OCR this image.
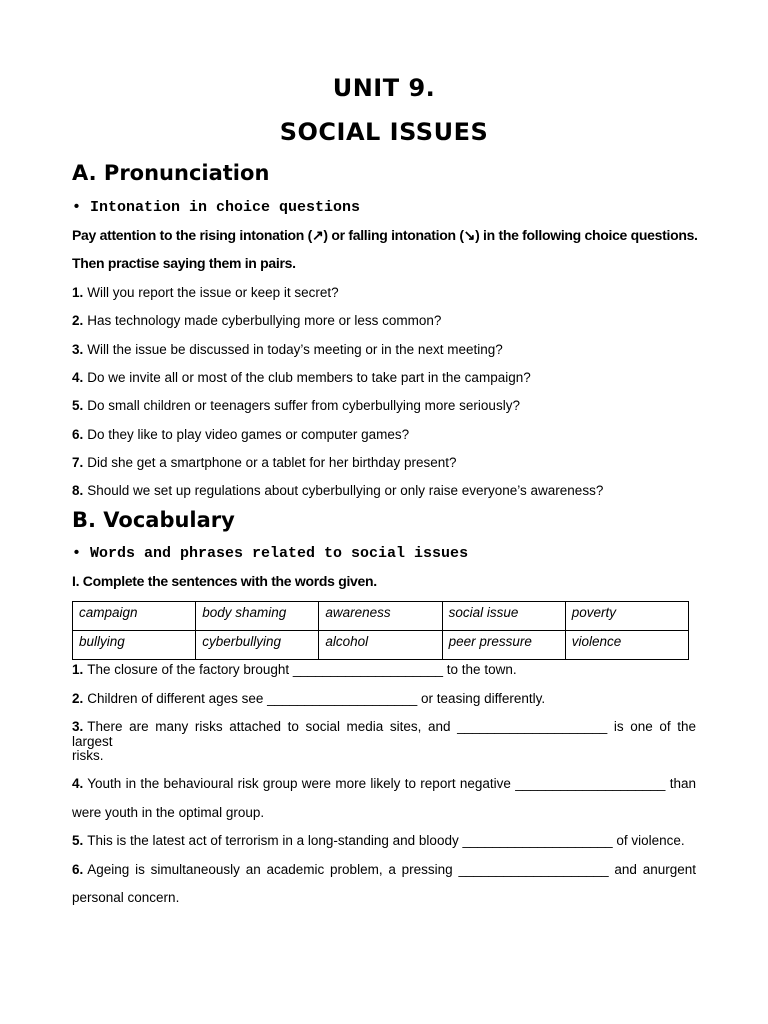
UNIT 9.
SOCIAL ISSUES
A. Pronunciation
• Intonation in choice questions
Pay attention to the rising intonation (↗) or falling intonation (↘) in the following choice questions.
Then practise saying them in pairs.
1. Will you report the issue or keep it secret?
2. Has technology made cyberbullying more or less common?
3. Will the issue be discussed in today’s meeting or in the next meeting?
4. Do we invite all or most of the club members to take part in the campaign?
5. Do small children or teenagers suffer from cyberbullying more seriously?
6. Do they like to play video games or computer games?
7. Did she get a smartphone or a tablet for her birthday present?
8. Should we set up regulations about cyberbullying or only raise everyone’s awareness?
B. Vocabulary
• Words and phrases related to social issues
I. Complete the sentences with the words given.
campaign	body shaming	awareness	social issue	poverty
bullying	cyberbullying	alcohol	peer pressure	violence
1. The closure of the factory brought ____________________ to the town.
2. Children of different ages see ____________________ or teasing differently.
3. There are many risks attached to social media sites, and ____________________ is one of the largest
risks.
4. Youth in the behavioural risk group were more likely to report negative ____________________ than
were youth in the optimal group.
5. This is the latest act of terrorism in a long-standing and bloody ____________________ of violence.
6. Ageing is simultaneously an academic problem, a pressing ____________________ and anurgent
personal concern.
